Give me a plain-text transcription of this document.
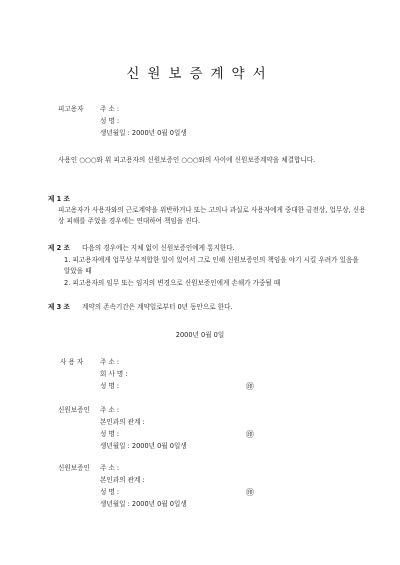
신원보증계약서
피고용자	주 소 :
성 명 :
생년월일 : 2000년 0월 0일생
사용인 ○○○와 위 피고용자의 신원보증인 ○○○와의 사이에 신원보증계약을 체결합니다.
제 1 조
피고용자가 사용자와의 근로계약을 위반하거나 또는 고의나 과실로 사용자에게 중대한 금전상, 업무상, 신용상 피해를 주었을 경우에는 연대하여 책임을 진다.
제 2 조 다음의 경우에는 지체 없이 신원보증인에게 통지한다.
1. 피고용자에게 업무상 부적합한 일이 있어서 그로 인해 신원보증인의 책임을 야기 시킬 우려가 있음을 알았을 때
2. 피고용자의 임무 또는 임지의 변경으로 신원보증인에게 손해가 가중될 때
제 3 조 계약의 존속기간은 계약일로부터 0년 동안으로 한다.
2000년 0월 0일
사 용 자	주 소 :
회 사 명 :
성 명 :	㊞
신원보증인 주 소 :
본인과의 관계 :
성 명 :	㊞
생년월일 : 2000년 0월 0일생
신원보증인 주 소 :
본인과의 관계 :
성 명 :	㊞
생년월일 : 2000년 0월 0일생
